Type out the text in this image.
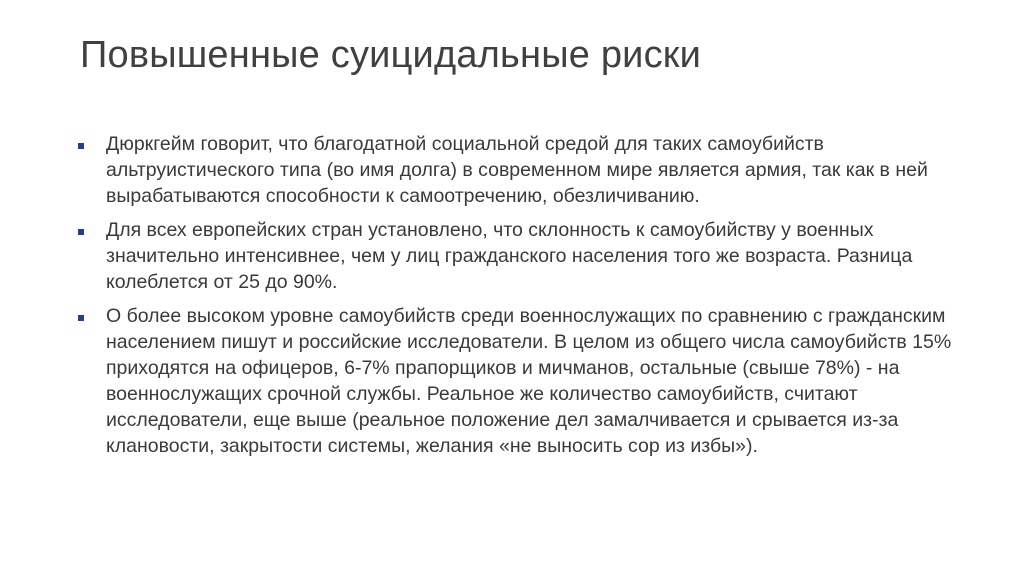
Повышенные суицидальные риски
Дюркгейм говорит, что благодатной социальной средой для таких самоубийств альтруистического типа (во имя долга) в современном мире является армия, так как в ней вырабатываются способности к самоотречению, обезличиванию.
Для всех европейских стран установлено, что склонность к самоубийству у военных значительно интенсивнее, чем у лиц гражданского населения того же возраста. Разница колеблется от 25 до 90%.
О более высоком уровне самоубийств среди военнослужащих по сравнению с гражданским населением пишут и российские исследователи. В целом из общего числа самоубийств 15% приходятся на офицеров, 6-7% прапорщиков и мичманов, остальные (свыше 78%) - на военнослужащих срочной службы. Реальное же количество самоубийств, считают исследователи, еще выше (реальное положение дел замалчивается и срывается из-за клановости, закрытости системы, желания «не выносить сор из избы»).
